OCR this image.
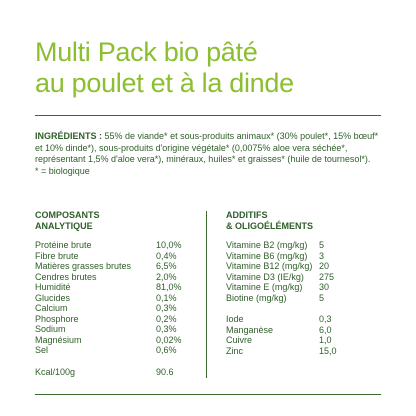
Multi Pack bio pâté
au poulet et à la dinde
INGRÉDIENTS : 55% de viande* et sous-produits animaux* (30% poulet*, 15% bœuf* et 10% dinde*), sous-produits d'origine végétale* (0,0075% aloe vera séchée*, représentant 1,5% d'aloe vera*), minéraux, huiles* et graisses* (huile de tournesol*).
* = biologique
COMPOSANTS
ANALYTIQUE
ADDITIFS
& OLIGOÉLÉMENTS
Protéine brute	10,0%
Fibre brute	0,4%
Matières grasses brutes	6,5%
Cendres brutes	2,0%
Humidité	81,0%
Glucides	0,1%
Calcium	0,3%
Phosphore	0,2%
Sodium	0,3%
Magnésium	0,02%
Sel	0,6%
Kcal/100g	90.6
Vitamine B2 (mg/kg) 5
Vitamine B6 (mg/kg) 3
Vitamine B12 (mg/kg) 20
Vitamine D3 (IE/kg) 275
Vitamine E (mg/kg) 30
Biotine (mg/kg)	5
Iode	0,3
Manganèse	6,0
Cuivre	1,0
Zinc	15,0
